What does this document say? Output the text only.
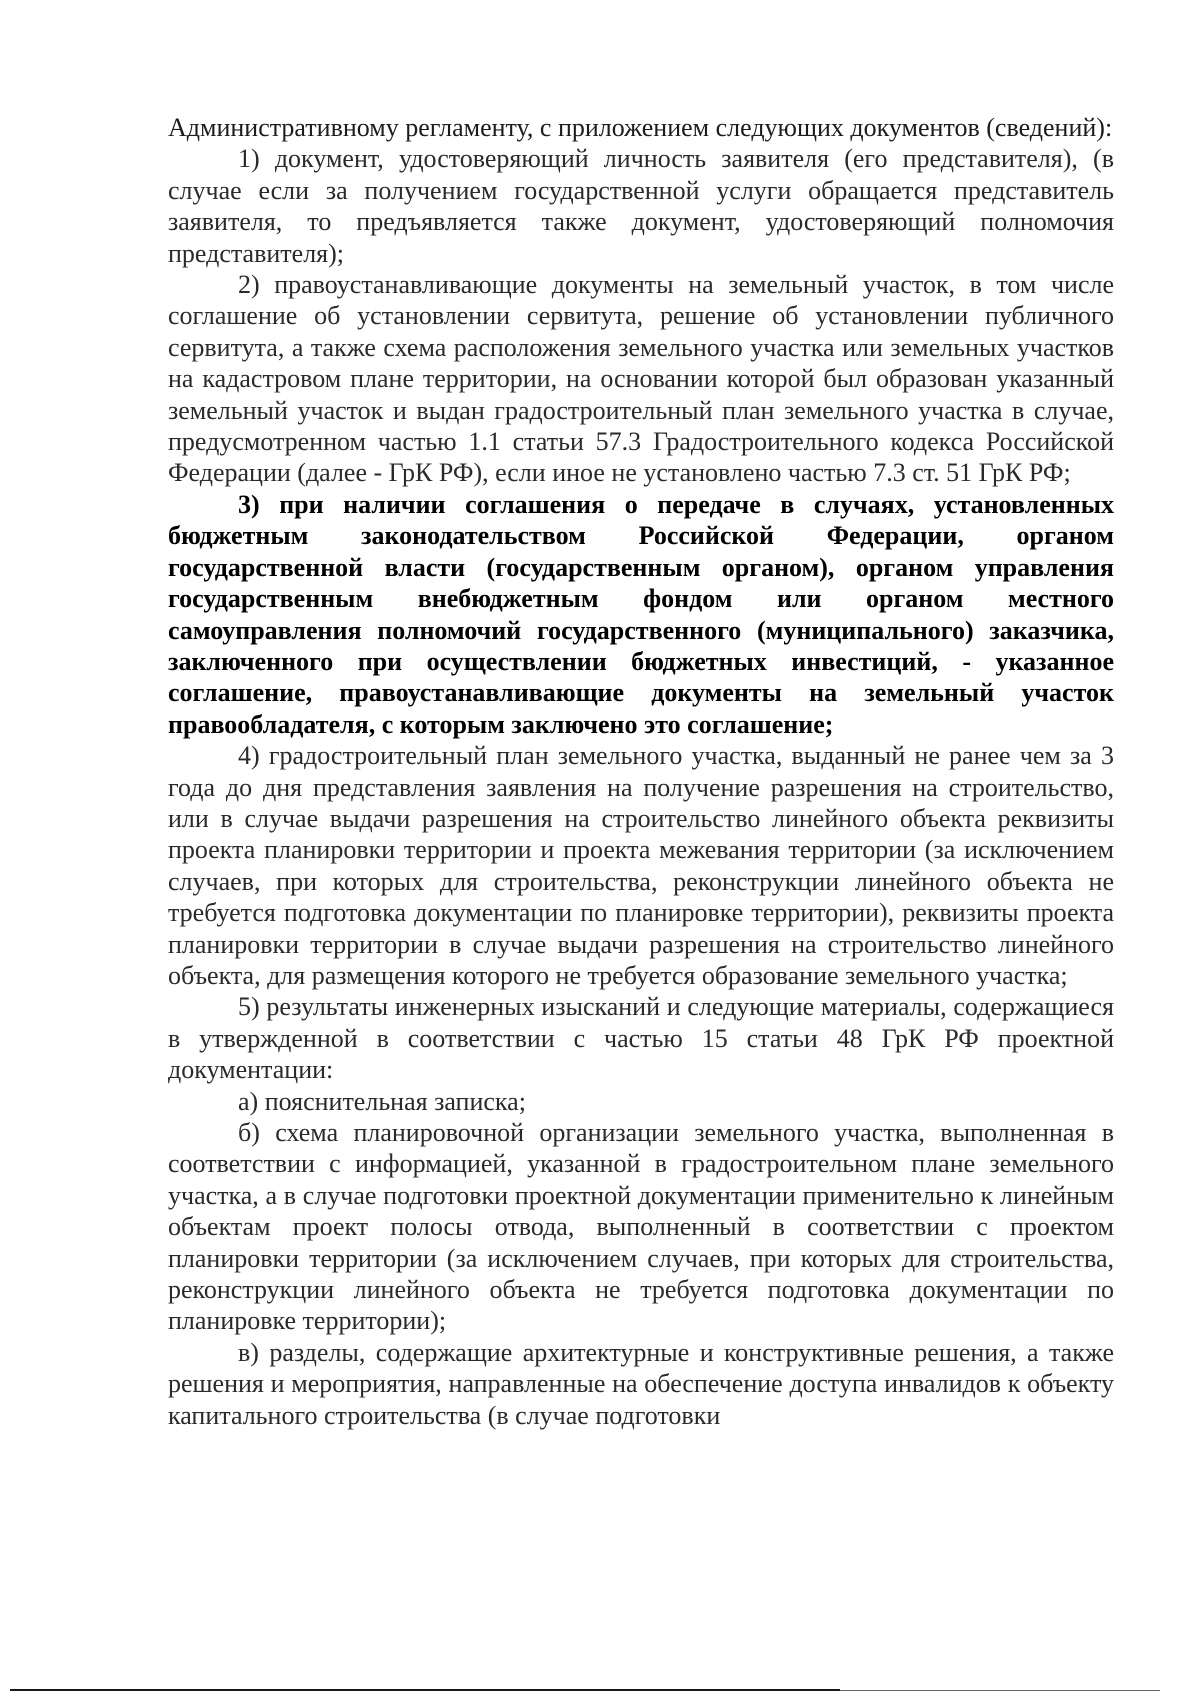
Административному регламенту, с приложением следующих документов (сведений):

1) документ, удостоверяющий личность заявителя (его представителя), (в случае если за получением государственной услуги обращается представитель заявителя, то предъявляется также документ, удостоверяющий полномочия представителя);

2) правоустанавливающие документы на земельный участок, в том числе соглашение об установлении сервитута, решение об установлении публичного сервитута, а также схема расположения земельного участка или земельных участков на кадастровом плане территории, на основании которой был образован указанный земельный участок и выдан градостроительный план земельного участка в случае, предусмотренном частью 1.1 статьи 57.3 Градостроительного кодекса Российской Федерации (далее - ГрК РФ), если иное не установлено частью 7.3 ст. 51 ГрК РФ;

3) при наличии соглашения о передаче в случаях, установленных бюджетным законодательством Российской Федерации, органом государственной власти (государственным органом), органом управления государственным внебюджетным фондом или органом местного самоуправления полномочий государственного (муниципального) заказчика, заключенного при осуществлении бюджетных инвестиций, - указанное соглашение, правоустанавливающие документы на земельный участок правообладателя, с которым заключено это соглашение;

4) градостроительный план земельного участка, выданный не ранее чем за 3 года до дня представления заявления на получение разрешения на строительство, или в случае выдачи разрешения на строительство линейного объекта реквизиты проекта планировки территории и проекта межевания территории (за исключением случаев, при которых для строительства, реконструкции линейного объекта не требуется подготовка документации по планировке территории), реквизиты проекта планировки территории в случае выдачи разрешения на строительство линейного объекта, для размещения которого не требуется образование земельного участка;

5) результаты инженерных изысканий и следующие материалы, содержащиеся в утвержденной в соответствии с частью 15 статьи 48 ГрК РФ проектной документации:

а) пояснительная записка;

б) схема планировочной организации земельного участка, выполненная в соответствии с информацией, указанной в градостроительном плане земельного участка, а в случае подготовки проектной документации применительно к линейным объектам проект полосы отвода, выполненный в соответствии с проектом планировки территории (за исключением случаев, при которых для строительства, реконструкции линейного объекта не требуется подготовка документации по планировке территории);

в) разделы, содержащие архитектурные и конструктивные решения, а также решения и мероприятия, направленные на обеспечение доступа инвалидов к объекту капитального строительства (в случае подготовки
